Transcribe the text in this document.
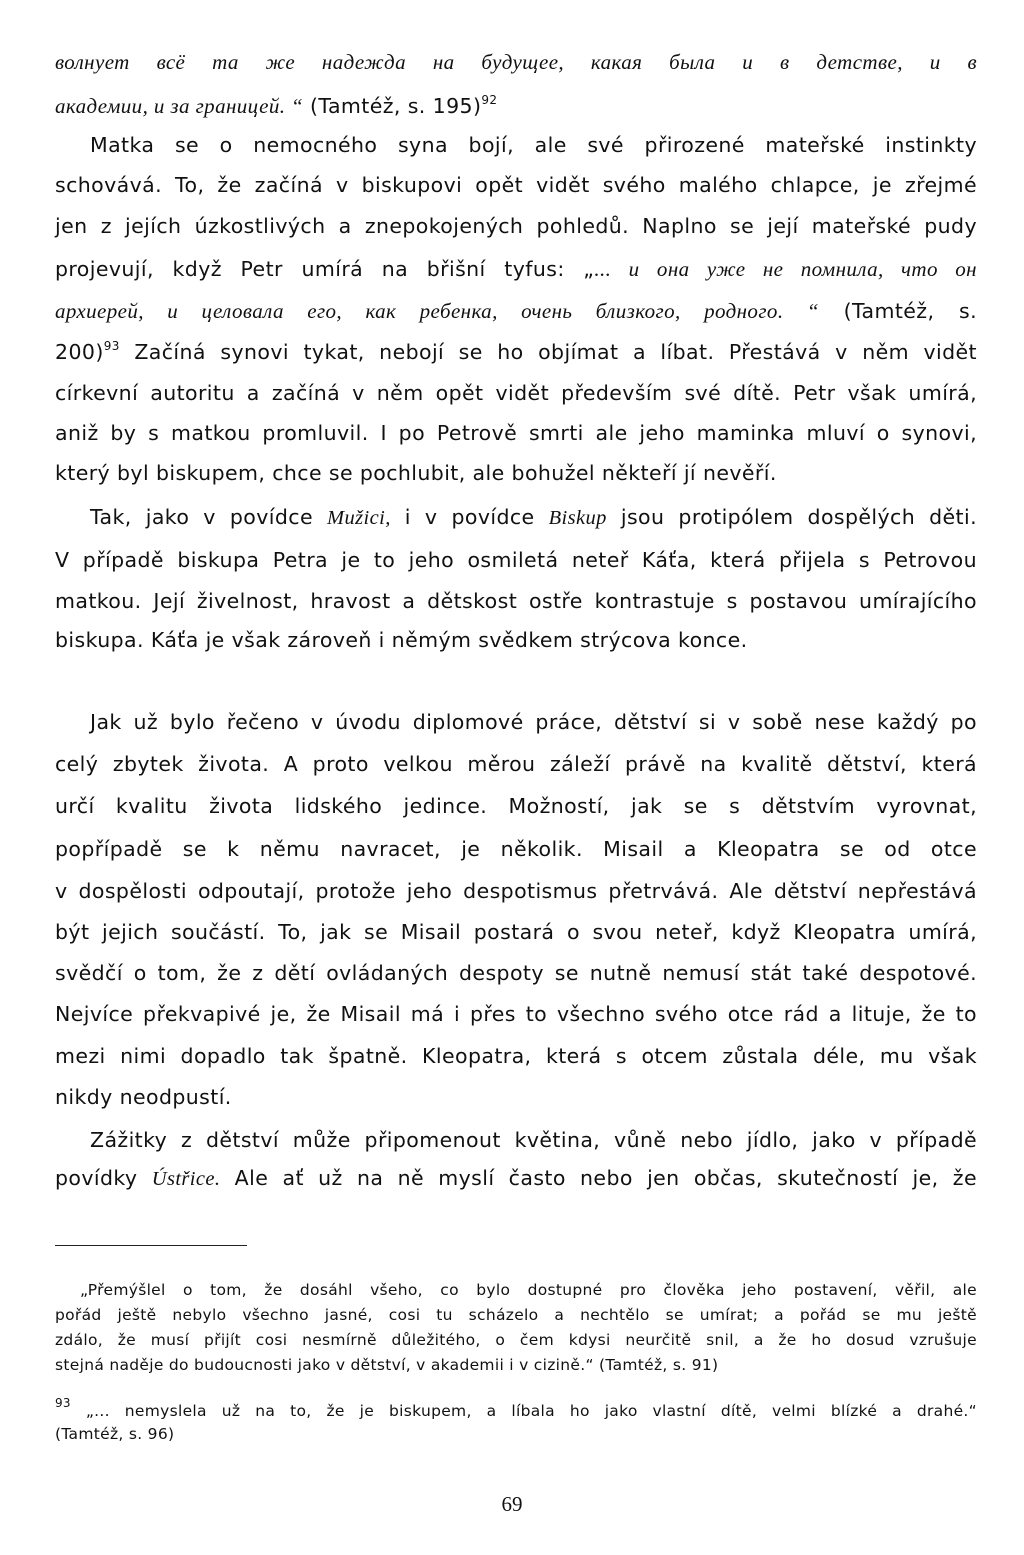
волнует всё та же надежда на будущее, какая была и в детстве, и в

академии, и за границей. “ (Tamtéž, s. 195)$^{92}$

Matka se o nemocného syna bojí, ale své přirozené mateřské instinkty

schovává. To, že začíná v biskupovi opět vidět svého malého chlapce, je zřejmé

jen z jejích úzkostlivých a znepokojených pohledů. Naplno se její mateřské pudy

projevují, když Petr umírá na břišní tyfus: „... и она уже не помнила, что он

архиерей, и целовала его, как ребенка, очень близкого, родного. “ (Tamtéž, s.

200)$^{93}$ Začíná synovi tykat, nebojí se ho objímat a líbat. Přestává v něm vidět

církevní autoritu a začíná v něm opět vidět především své dítě. Petr však umírá,

aniž by s matkou promluvil. I po Petrově smrti ale jeho maminka mluví o synovi,

který byl biskupem, chce se pochlubit, ale bohužel někteří jí nevěří.

Tak, jako v povídce Mužici, i v povídce Biskup jsou protipólem dospělých děti.

V případě biskupa Petra je to jeho osmiletá neteř Káťa, která přijela s Petrovou

matkou. Její živelnost, hravost a dětskost ostře kontrastuje s postavou umírajícího

biskupa. Káťa je však zároveň i němým svědkem strýcova konce.

Jak už bylo řečeno v úvodu diplomové práce, dětství si v sobě nese každý po

celý zbytek života. A proto velkou měrou záleží právě na kvalitě dětství, která

určí kvalitu života lidského jedince. Možností, jak se s dětstvím vyrovnat,

popřípadě se k němu navracet, je několik. Misail a Kleopatra se od otce

v dospělosti odpoutají, protože jeho despotismus přetrvává. Ale dětství nepřestává

být jejich součástí. To, jak se Misail postará o svou neteř, když Kleopatra umírá,

svědčí o tom, že z dětí ovládaných despoty se nutně nemusí stát také despotové.

Nejvíce překvapivé je, že Misail má i přes to všechno svého otce rád a lituje, že to

mezi nimi dopadlo tak špatně. Kleopatra, která s otcem zůstala déle, mu však

nikdy neodpustí.

Zážitky z dětství může připomenout květina, vůně nebo jídlo, jako v případě

povídky Ústřice. Ale ať už na ně myslí často nebo jen občas, skutečností je, že

„Přemýšlel o tom, že dosáhl všeho, co bylo dostupné pro člověka jeho postavení, věřil, ale

pořád ještě nebylo všechno jasné, cosi tu scházelo a nechtělo se umírat; a pořád se mu ještě

zdálo, že musí přijít cosi nesmírně důležitého, o čem kdysi neurčitě snil, a že ho dosud vzrušuje

stejná naděje do budoucnosti jako v dětství, v akademii i v cizině.“ (Tamtéž, s. 91)

$^{93}$ „... nemyslela už na to, že je biskupem, a líbala ho jako vlastní dítě, velmi blízké a drahé.“

(Tamtéž, s. 96)

69
